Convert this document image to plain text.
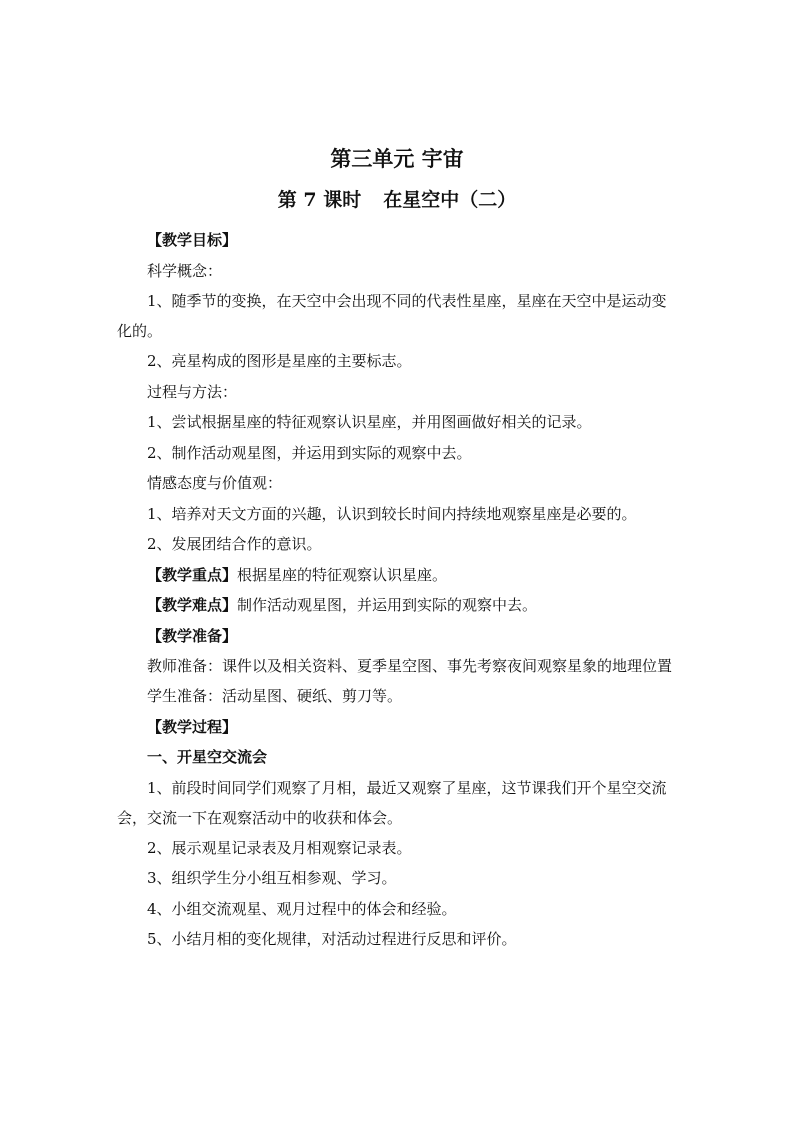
第三单元 宇宙
第 7 课时 在星空中（二）

【教学目标】

科学概念：

1、随季节的变换，在天空中会出现不同的代表性星座，星座在天空中是运动变化的。

2、亮星构成的图形是星座的主要标志。

过程与方法：

1、尝试根据星座的特征观察认识星座，并用图画做好相关的记录。

2、制作活动观星图，并运用到实际的观察中去。

情感态度与价值观：

1、培养对天文方面的兴趣，认识到较长时间内持续地观察星座是必要的。

2、发展团结合作的意识。

【教学重点】根据星座的特征观察认识星座。

【教学难点】制作活动观星图，并运用到实际的观察中去。

【教学准备】

教师准备：课件以及相关资料、夏季星空图、事先考察夜间观察星象的地理位置

学生准备：活动星图、硬纸、剪刀等。

【教学过程】

一、开星空交流会

1、前段时间同学们观察了月相，最近又观察了星座，这节课我们开个星空交流会，交流一下在观察活动中的收获和体会。

2、展示观星记录表及月相观察记录表。

3、组织学生分小组互相参观、学习。

4、小组交流观星、观月过程中的体会和经验。

5、小结月相的变化规律，对活动过程进行反思和评价。
